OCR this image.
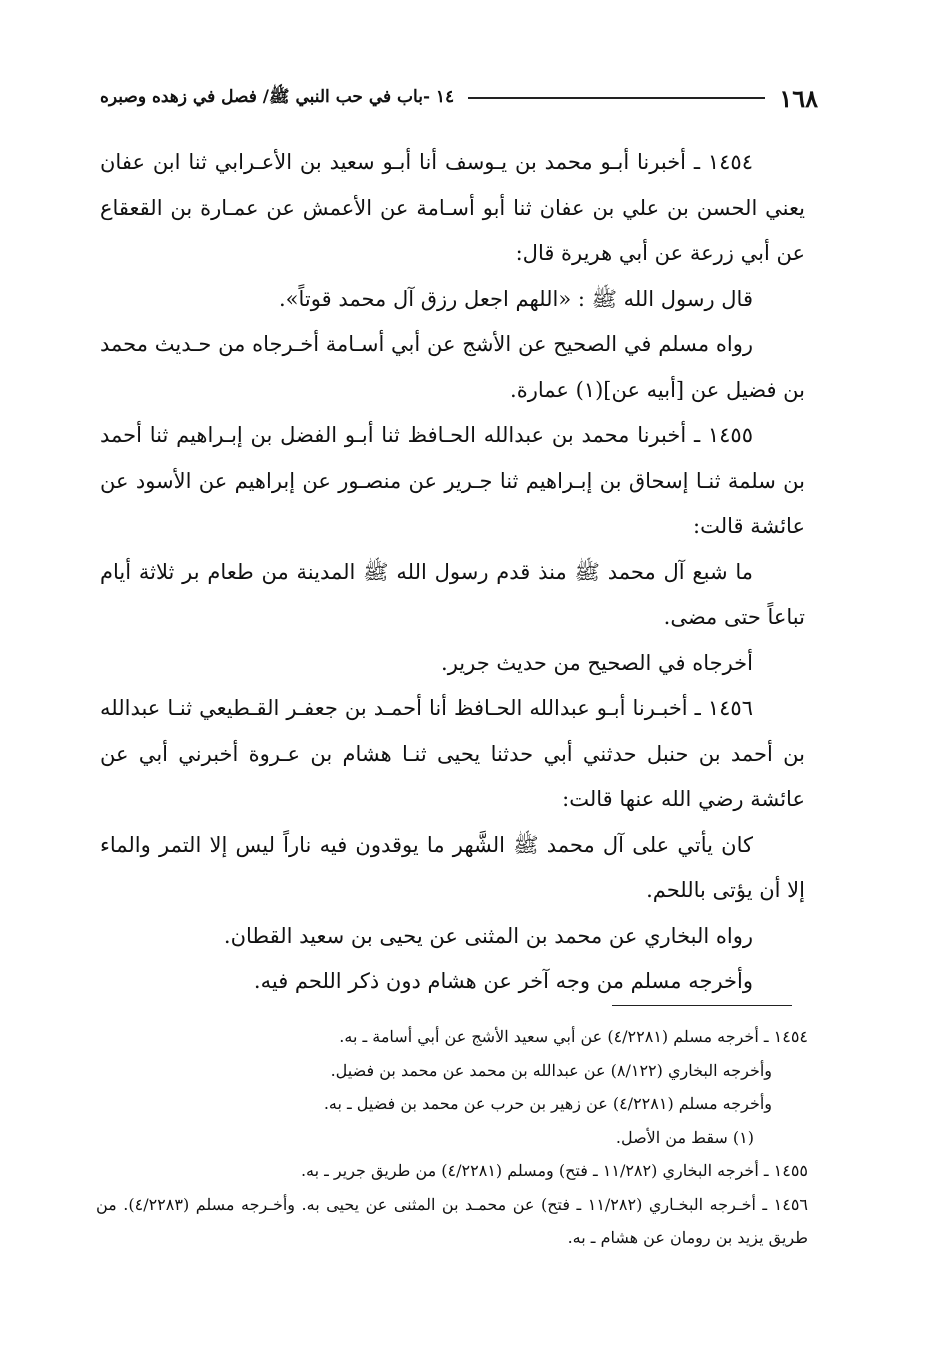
١٦٨
١٤ -باب في حب النبي ﷺ/ فصل في زهده وصبره

١٤٥٤ ـ أخبرنا أبـو محمد بن يـوسف أنا أبـو سعيد بن الأعـرابي ثنا ابن عفان يعني الحسن بن علي بن عفان ثنا أبو أسـامة عن الأعمش عن عمـارة بن القعقاع عن أبي زرعة عن أبي هريرة قال:

قال رسول الله ﷺ : «اللهم اجعل رزق آل محمد قوتاً».

رواه مسلم في الصحيح عن الأشج عن أبي أسـامة أخـرجاه من حـديث محمد بن فضيل عن [أبيه عن](١) عمارة.

١٤٥٥ ـ أخبرنا محمد بن عبدالله الحـافظ ثنا أبـو الفضل بن إبـراهيم ثنا أحمد بن سلمة ثنـا إسحاق بن إبـراهيم ثنا جـرير عن منصـور عن إبراهيم عن الأسود عن عائشة قالت:

ما شبع آل محمد ﷺ منذ قدم رسول الله ﷺ المدينة من طعام بر ثلاثة أيام تباعاً حتى مضى.

أخرجاه في الصحيح من حديث جرير.

١٤٥٦ ـ أخبـرنا أبـو عبدالله الحـافظ أنا أحمـد بن جعفـر القـطيعي ثنـا عبدالله بن أحمد بن حنبل حدثني أبي حدثنا يحيى ثنـا هشام بن عـروة أخبرني أبي عن عائشة رضي الله عنها قالت:

كان يأتي على آل محمد ﷺ الشَّهر ما يوقدون فيه ناراً ليس إلا التمر والماء إلا أن يؤتى باللحم.

رواه البخاري عن محمد بن المثنى عن يحيى بن سعيد القطان.

وأخرجه مسلم من وجه آخر عن هشام دون ذكر اللحم فيه.

١٤٥٤ ـ أخرجه مسلم (٤/٢٢٨١) عن أبي سعيد الأشج عن أبي أسامة ـ به.

وأخرجه البخاري (٨/١٢٢) عن عبدالله بن محمد عن محمد بن فضيل.

وأخرجه مسلم (٤/٢٢٨١) عن زهير بن حرب عن محمد بن فضيل ـ به.

(١) سقط من الأصل.

١٤٥٥ ـ أخرجه البخاري (١١/٢٨٢ ـ فتح) ومسلم (٤/٢٢٨١) من طريق جرير ـ به.

١٤٥٦ ـ أخـرجه البخـاري (١١/٢٨٢ ـ فتح) عن محمـد بن المثنى عن يحيى به. وأخـرجه مسلم (٤/٢٢٨٣). من طريق يزيد بن رومان عن هشام ـ به.
